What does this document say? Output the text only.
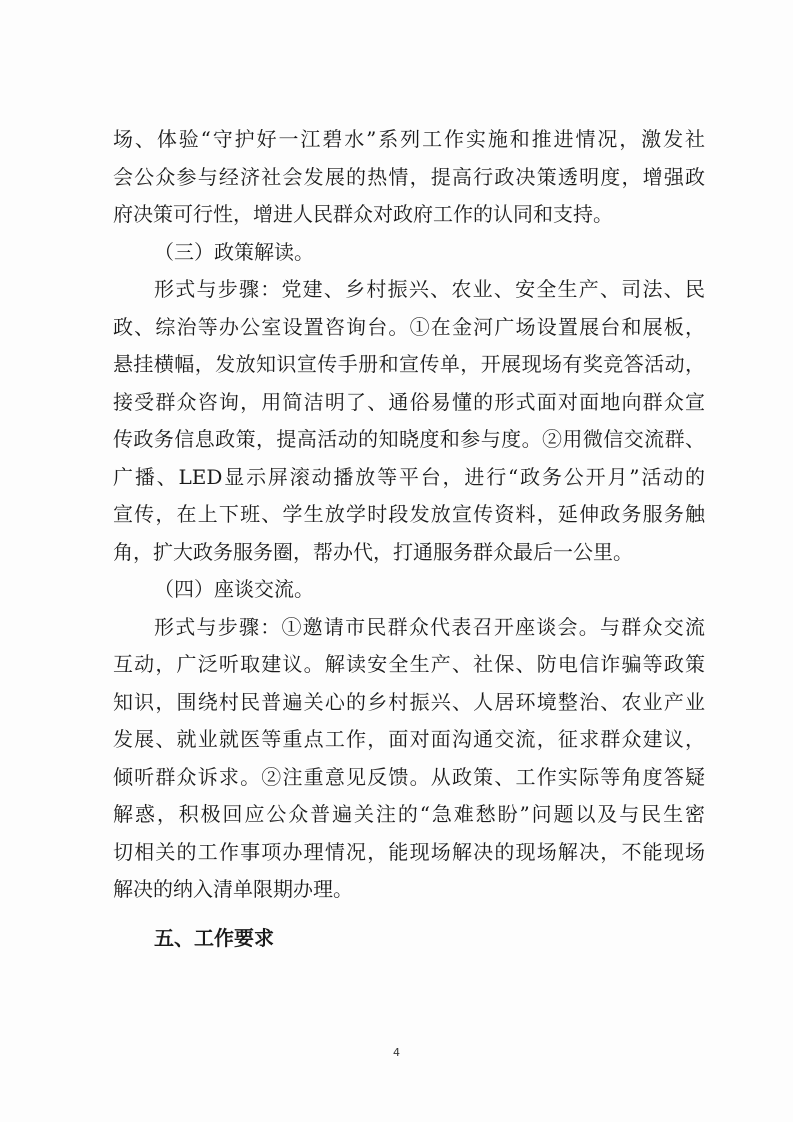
场、体验“守护好一江碧水”系列工作实施和推进情况，激发社
会公众参与经济社会发展的热情，提高行政决策透明度，增强政
府决策可行性，增进人民群众对政府工作的认同和支持。
（三）政策解读。
形式与步骤：党建、乡村振兴、农业、安全生产、司法、民
政、综治等办公室设置咨询台。①在金河广场设置展台和展板，
悬挂横幅，发放知识宣传手册和宣传单，开展现场有奖竞答活动，
接受群众咨询，用简洁明了、通俗易懂的形式面对面地向群众宣
传政务信息政策，提高活动的知晓度和参与度。②用微信交流群、
广播、LED显示屏滚动播放等平台，进行“政务公开月”活动的
宣传，在上下班、学生放学时段发放宣传资料，延伸政务服务触
角，扩大政务服务圈，帮办代，打通服务群众最后一公里。
（四）座谈交流。
形式与步骤：①邀请市民群众代表召开座谈会。与群众交流
互动，广泛听取建议。解读安全生产、社保、防电信诈骗等政策
知识，围绕村民普遍关心的乡村振兴、人居环境整治、农业产业
发展、就业就医等重点工作，面对面沟通交流，征求群众建议，
倾听群众诉求。②注重意见反馈。从政策、工作实际等角度答疑
解惑，积极回应公众普遍关注的“急难愁盼”问题以及与民生密
切相关的工作事项办理情况，能现场解决的现场解决，不能现场
解决的纳入清单限期办理。
五、工作要求
4
